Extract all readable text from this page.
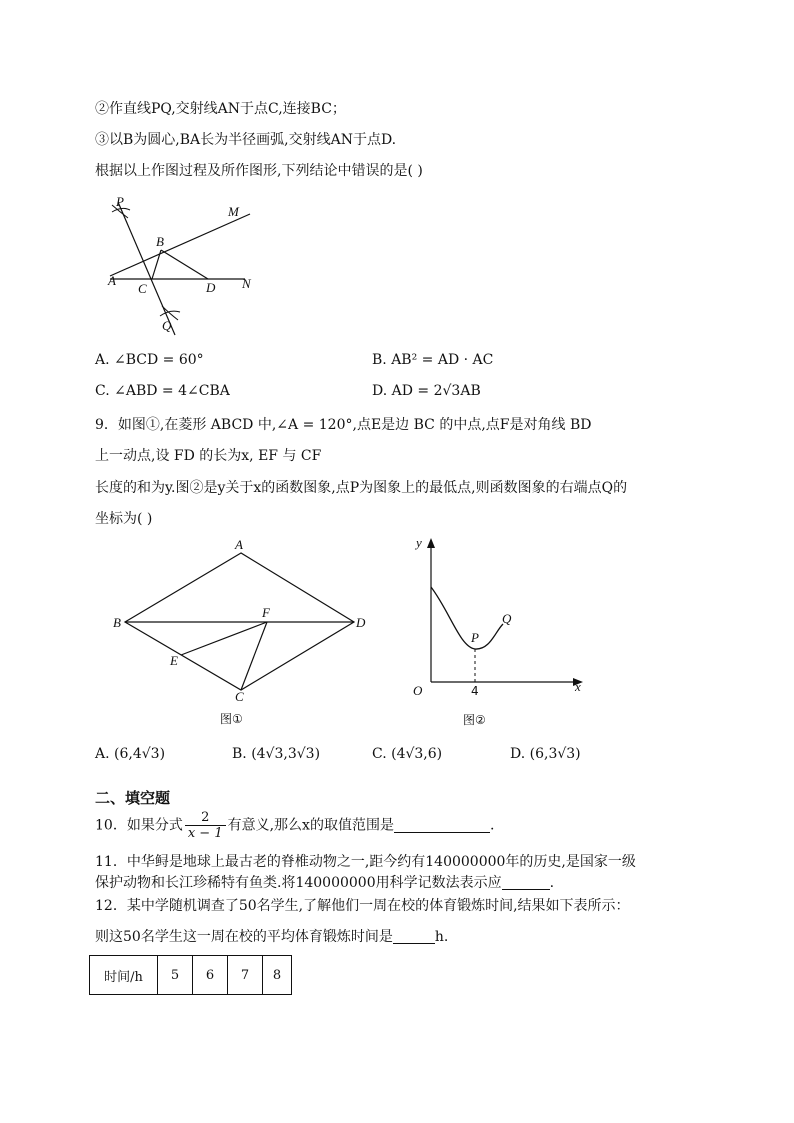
②作直线PQ,交射线AN于点C,连接BC；
③以B为圆心,BA长为半径画弧,交射线AN于点D.
根据以上作图过程及所作图形,下列结论中错误的是( )
P
M
B
A
C	D N
Q
A. ∠BCD = 60°	B. AB² = AD · AC
C. ∠ABD = 4∠CBA	D. AD = 2√3AB
9．如图①,在菱形 ABCD 中,∠A = 120°,点E是边 BC 的中点,点F是对角线 BD
上一动点,设 FD 的长为x, EF 与 CF
长度的和为y.图②是y关于x的函数图象,点P为图象上的最低点,则函数图象的右端点Q的
坐标为( )
A
B	D
F
E
C
图①
y
x
O
P
Q
4
图②
A. (6,4√3)	B. (4√3,3√3)	C. (4√3,6)	D. (6,3√3)
二、填空题
10．如果分式 $\frac{2}{x - 1}$ 有意义,那么x的取值范围是	.
11．中华鲟是地球上最古老的脊椎动物之一,距今约有140000000年的历史,是国家一级
保护动物和长江珍稀特有鱼类.将140000000用科学记数法表示应	.
12．某中学随机调查了50名学生,了解他们一周在校的体育锻炼时间,结果如下表所示：
则这50名学生这一周在校的平均体育锻炼时间是	h.
时间/h	5	6	7	8
